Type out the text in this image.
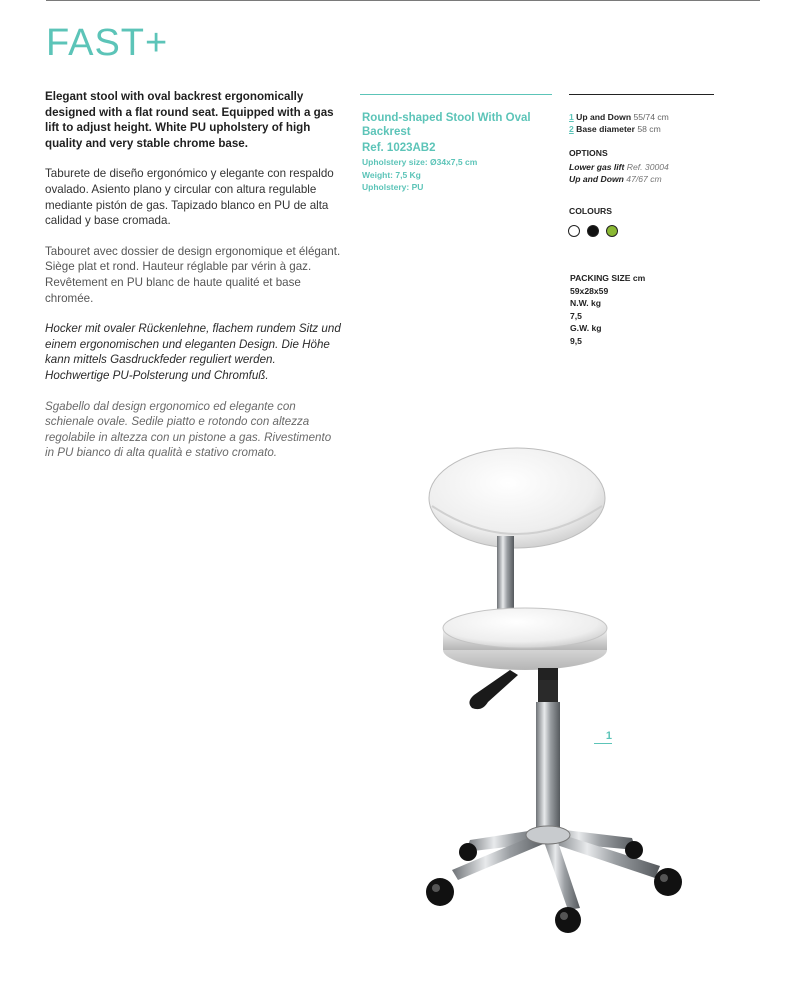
FAST+

Elegant stool with oval backrest ergonomically designed with a flat round seat. Equipped with a gas lift to adjust height. White PU upholstery of high quality and very stable chrome base.

Taburete de diseño ergonómico y elegante con respaldo ovalado. Asiento plano y circular con altura regulable mediante pistón de gas. Tapizado blanco en PU de alta calidad y base cromada.

Tabouret avec dossier de design ergonomique et élégant. Siège plat et rond. Hauteur réglable par vérin à gaz. Revêtement en PU blanc de haute qualité et base chromée.

Hocker mit ovaler Rückenlehne, flachem rundem Sitz und einem ergonomischen und eleganten Design. Die Höhe kann mittels Gasdruckfeder reguliert werden. Hochwertige PU-Polsterung und Chromfuß.

Sgabello dal design ergonomico ed elegante con schienale ovale. Sedile piatto e rotondo con altezza regolabile in altezza con un pistone a gas. Rivestimento in PU bianco di alta qualità e stativo cromato.

Round-shaped Stool With Oval Backrest
Ref. 1023AB2
Upholstery size: Ø34x7,5 cm
Weight: 7,5 Kg
Upholstery: PU
1 Up and Down 55/74 cm
2 Base diameter 58 cm
OPTIONS
Lower gas lift Ref. 30004
Up and Down 47/67 cm
COLOURS
PACKING SIZE cm
59x28x59
N.W. kg
7,5
G.W. kg
9,5
1
